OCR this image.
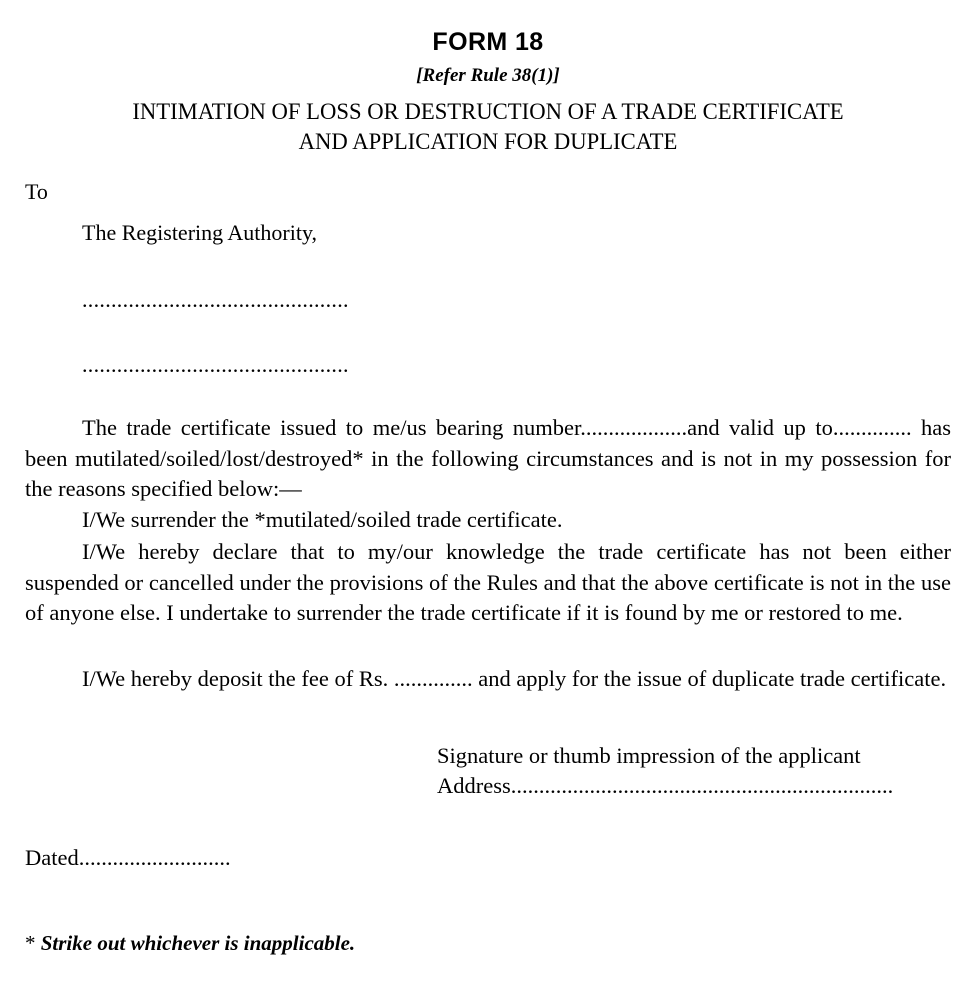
FORM 18
[Refer Rule 38(1)]
INTIMATION OF LOSS OR DESTRUCTION OF A TRADE CERTIFICATE
AND APPLICATION FOR DUPLICATE
To
The Registering Authority,
..............................................
..............................................

The trade certificate issued to me/us bearing number...................and valid up to.............. has been mutilated/soiled/lost/destroyed* in the following circumstances and is not in my possession for the reasons specified below:—

I/We surrender the *mutilated/soiled trade certificate.

I/We hereby declare that to my/our knowledge the trade certificate has not been either suspended or cancelled under the provisions of the Rules and that the above certificate is not in the use of anyone else. I undertake to surrender the trade certificate if it is found by me or restored to me.

I/We hereby deposit the fee of Rs. .............. and apply for the issue of duplicate trade certificate.

Signature or thumb impression of the applicant

Address....................................................................

Dated...........................
* Strike out whichever is inapplicable.
